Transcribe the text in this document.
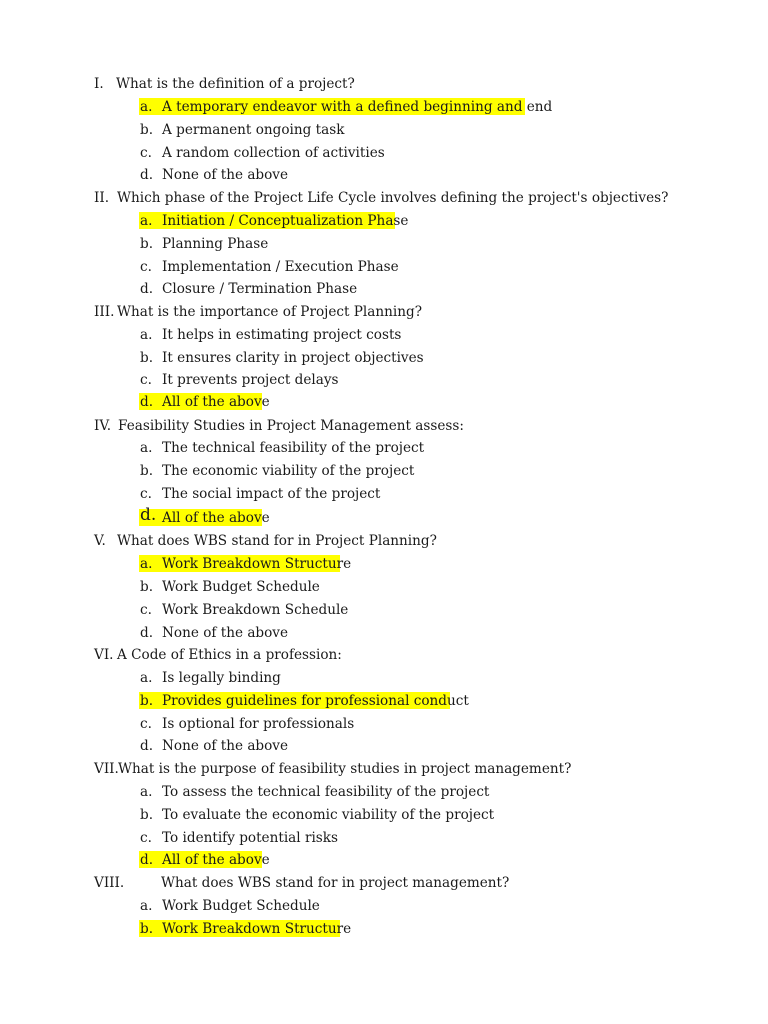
I. What is the definition of a project?
a. A temporary endeavor with a defined beginning and end
b. A permanent ongoing task
c. A random collection of activities
d. None of the above
II. Which phase of the Project Life Cycle involves defining the project's objectives?
a. Initiation / Conceptualization Phase
b. Planning Phase
c. Implementation / Execution Phase
d. Closure / Termination Phase
III. What is the importance of Project Planning?
a. It helps in estimating project costs
b. It ensures clarity in project objectives
c. It prevents project delays
d. All of the above
IV. Feasibility Studies in Project Management assess:
a. The technical feasibility of the project
b. The economic viability of the project
c. The social impact of the project
d. All of the above
V. What does WBS stand for in Project Planning?
a. Work Breakdown Structure
b. Work Budget Schedule
c. Work Breakdown Schedule
d. None of the above
VI. A Code of Ethics in a profession:
a. Is legally binding
b. Provides guidelines for professional conduct
c. Is optional for professionals
d. None of the above
VII. What is the purpose of feasibility studies in project management?
a. To assess the technical feasibility of the project
b. To evaluate the economic viability of the project
c. To identify potential risks
d. All of the above
VIII.	What does WBS stand for in project management?
a. Work Budget Schedule
b. Work Breakdown Structure
